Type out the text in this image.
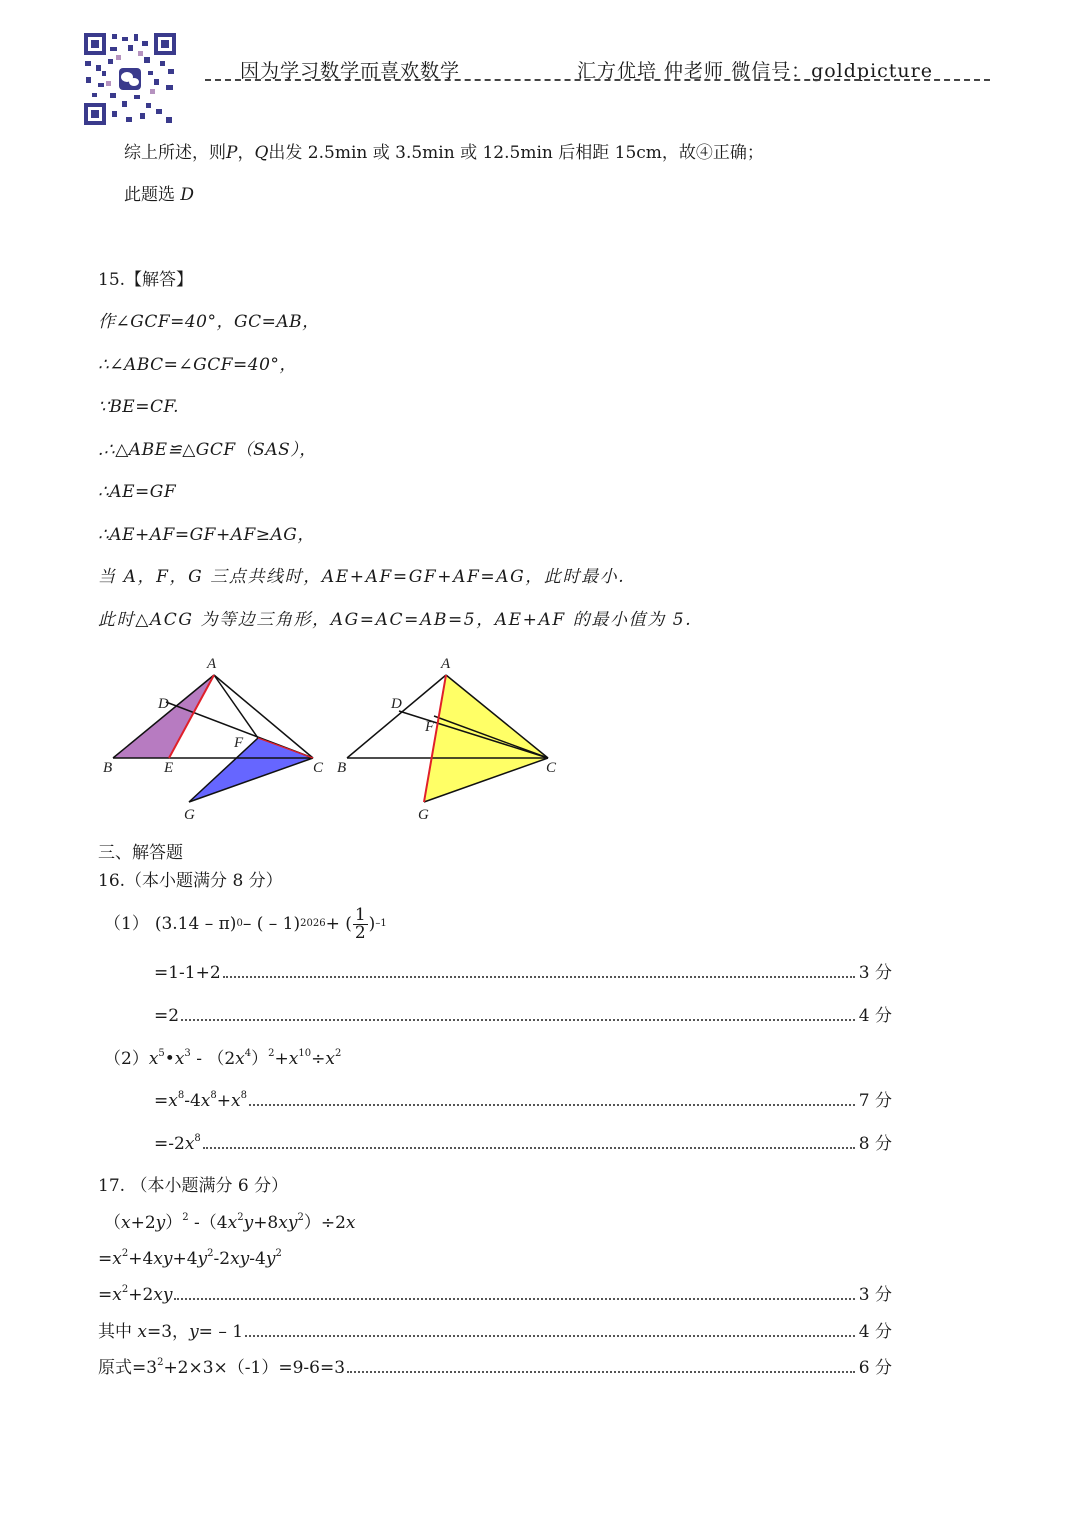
因为学习数学而喜欢数学	汇方优培 仲老师 微信号：goldpicture
综上所述，则P，Q出发 2.5min 或 3.5min 或 12.5min 后相距 15cm，故④正确；
此题选 D
15.【解答】
作∠GCF=40°，GC=AB，
∴∠ABC=∠GCF=40°，
∵BE=CF.
.∴△ABE≌△GCF（SAS），
∴AE=GF
∴AE+AF=GF+AF≥AG，
当 A，F，G 三点共线时，AE+AF=GF+AF=AG，此时最小.
此时△ACG 为等边三角形，AG=AC=AB=5，AE+AF 的最小值为 5.
A
D
F
B	E	C
G
A
D
F
B	C
G
三、解答题
16.（本小题满分 8 分）
（1） (3.14 – π) 0 – ( – 1) 2026 + ( $\frac{1}{2}$ ) –1
=1-1+2	3 分
=2	4 分
$(2)x^5•x^3 - (2x^4)^2+x^{10}\div x^2$
$=x^8-4x^8+x^8$	7 分
$=-2x^8$	8 分
17. （本小题满分 6 分）
$(x+2y)^2$ $-(4x^2y+8xy^2)\div 2x$
$=x^2+4xy+4y^2-2xy-4y^2$
$=x^2+2xy$	3 分
其中 x=3，y= – 1	4 分
原式$=3^2+2\times 3\times(-1)=9-6=3$	6 分
